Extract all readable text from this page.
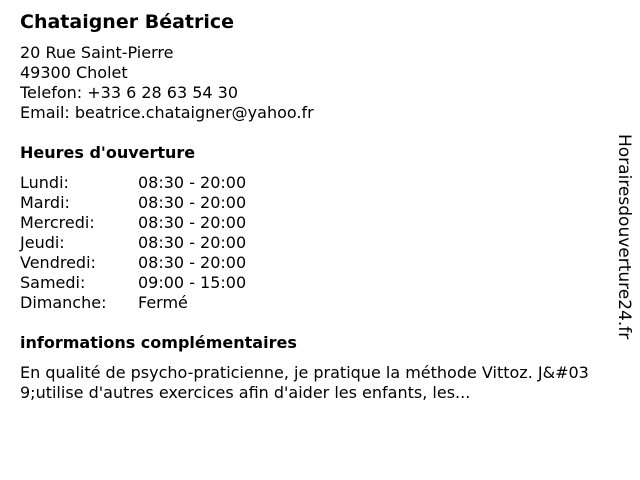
Chataigner Béatrice
20 Rue Saint-Pierre
49300 Cholet
Telefon: +33 6 28 63 54 30
Email: beatrice.chataigner@yahoo.fr
Heures d'ouverture
Lundi:	08:30 - 20:00
Mardi:	08:30 - 20:00
Mercredi:	08:30 - 20:00
Jeudi:	08:30 - 20:00
Vendredi:	08:30 - 20:00
Samedi:	09:00 - 15:00
Dimanche:	Fermé
informations complémentaires
En qualité de psycho-praticienne, je pratique la méthode Vittoz. J&#039;utilise d'autres exercices afin d'aider les enfants, les...
Horairesdouverture24.fr
